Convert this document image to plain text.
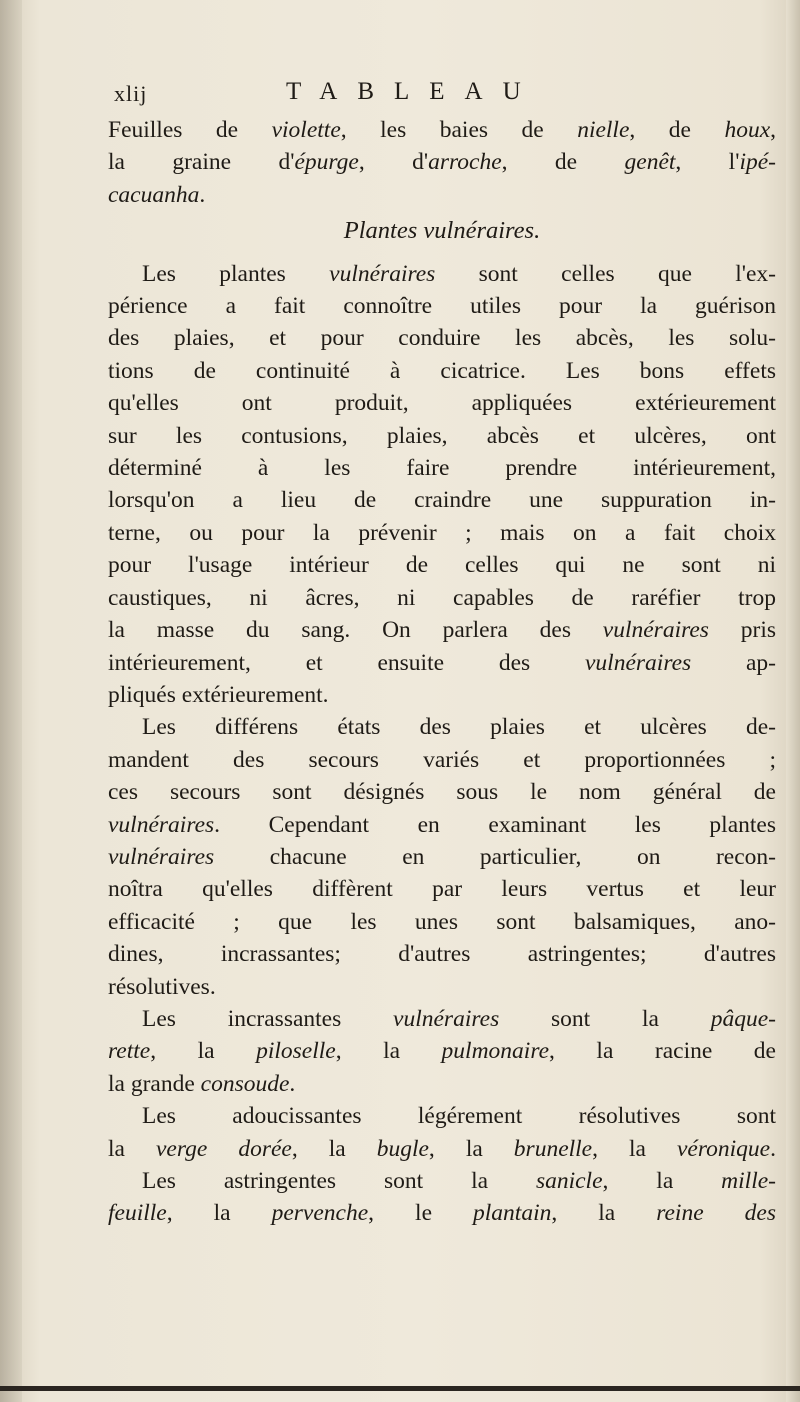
xlij	TABLEAU
Feuilles de violette, les baies de nielle, de houx,
la graine d'épurge, d'arroche, de genêt, l'ipé-
cacuanha.
Plantes vulnéraires.
Les plantes vulnéraires sont celles que l'ex-
périence a fait connoître utiles pour la guérison
des plaies, et pour conduire les abcès, les solu-
tions de continuité à cicatrice. Les bons effets
qu'elles ont produit, appliquées extérieurement
sur les contusions, plaies, abcès et ulcères, ont
déterminé à les faire prendre intérieurement,
lorsqu'on a lieu de craindre une suppuration in-
terne, ou pour la prévenir ; mais on a fait choix
pour l'usage intérieur de celles qui ne sont ni
caustiques, ni âcres, ni capables de raréfier trop
la masse du sang. On parlera des vulnéraires pris
intérieurement, et ensuite des vulnéraires ap-
pliqués extérieurement.
Les différens états des plaies et ulcères de-
mandent des secours variés et proportionnées ;
ces secours sont désignés sous le nom général de
vulnéraires. Cependant en examinant les plantes
vulnéraires chacune en particulier, on recon-
noîtra qu'elles diffèrent par leurs vertus et leur
efficacité ; que les unes sont balsamiques, ano-
dines, incrassantes; d'autres astringentes; d'autres
résolutives.
Les incrassantes vulnéraires sont la pâque-
rette, la piloselle, la pulmonaire, la racine de
la grande consoude.
Les adoucissantes légérement résolutives sont
la verge dorée, la bugle, la brunelle, la véronique.
Les astringentes sont la sanicle, la mille-
feuille, la pervenche, le plantain, la reine des
